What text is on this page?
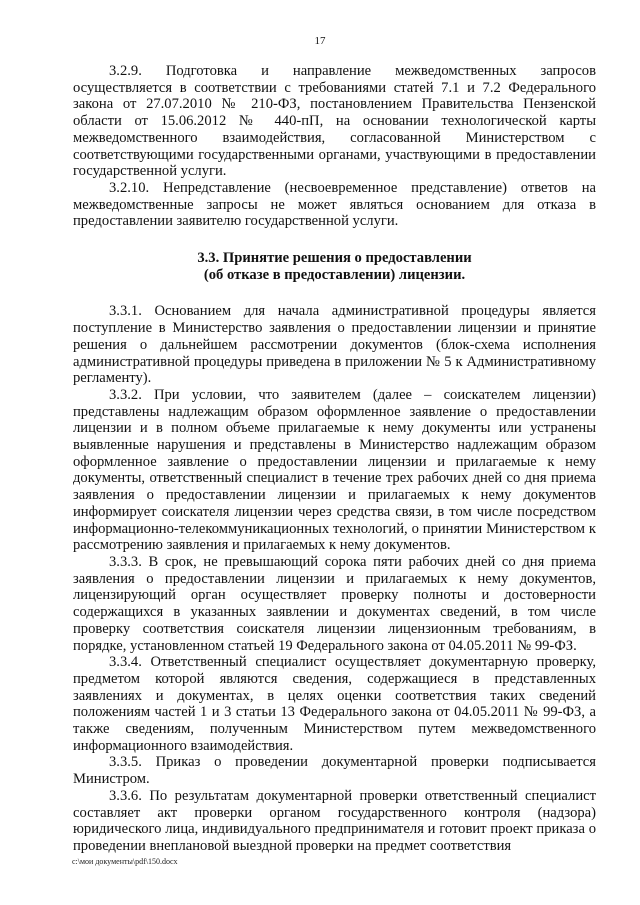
17

3.2.9. Подготовка и направление межведомственных запросов осуществляется в соответствии с требованиями статей 7.1 и 7.2 Федерального закона от 27.07.2010 № 210-ФЗ, постановлением Правительства Пензенской области от 15.06.2012 № 440-пП, на основании технологической карты межведомственного взаимодействия, согласованной Министерством с соответствующими государственными органами, участвующими в предоставлении государственной услуги.

3.2.10. Непредставление (несвоевременное представление) ответов на межведомственные запросы не может являться основанием для отказа в предоставлении заявителю государственной услуги.

3.3. Принятие решения о предоставлении
(об отказе в предоставлении) лицензии.

3.3.1. Основанием для начала административной процедуры является поступление в Министерство заявления о предоставлении лицензии и принятие решения о дальнейшем рассмотрении документов (блок-схема исполнения административной процедуры приведена в приложении № 5 к Административному регламенту).

3.3.2. При условии, что заявителем (далее – соискателем лицензии) представлены надлежащим образом оформленное заявление о предоставлении лицензии и в полном объеме прилагаемые к нему документы или устранены выявленные нарушения и представлены в Министерство надлежащим образом оформленное заявление о предоставлении лицензии и прилагаемые к нему документы, ответственный специалист в течение трех рабочих дней со дня приема заявления о предоставлении лицензии и прилагаемых к нему документов информирует соискателя лицензии через средства связи, в том числе посредством информационно-телекоммуникационных технологий, о принятии Министерством к рассмотрению заявления и прилагаемых к нему документов.

3.3.3. В срок, не превышающий сорока пяти рабочих дней со дня приема заявления о предоставлении лицензии и прилагаемых к нему документов, лицензирующий орган осуществляет проверку полноты и достоверности содержащихся в указанных заявлении и документах сведений, в том числе проверку соответствия соискателя лицензии лицензионным требованиям, в порядке, установленном статьей 19 Федерального закона от 04.05.2011 № 99-ФЗ.

3.3.4. Ответственный специалист осуществляет документарную проверку, предметом которой являются сведения, содержащиеся в представленных заявлениях и документах, в целях оценки соответствия таких сведений положениям частей 1 и 3 статьи 13 Федерального закона от 04.05.2011 № 99-ФЗ, а также сведениям, полученным Министерством путем межведомственного информационного взаимодействия.

3.3.5. Приказ о проведении документарной проверки подписывается Министром.

3.3.6. По результатам документарной проверки ответственный специалист составляет акт проверки органом государственного контроля (надзора) юридического лица, индивидуального предпринимателя и готовит проект приказа о проведении внеплановой выездной проверки на предмет соответствия

c:\мои документы\pdf\150.docx
